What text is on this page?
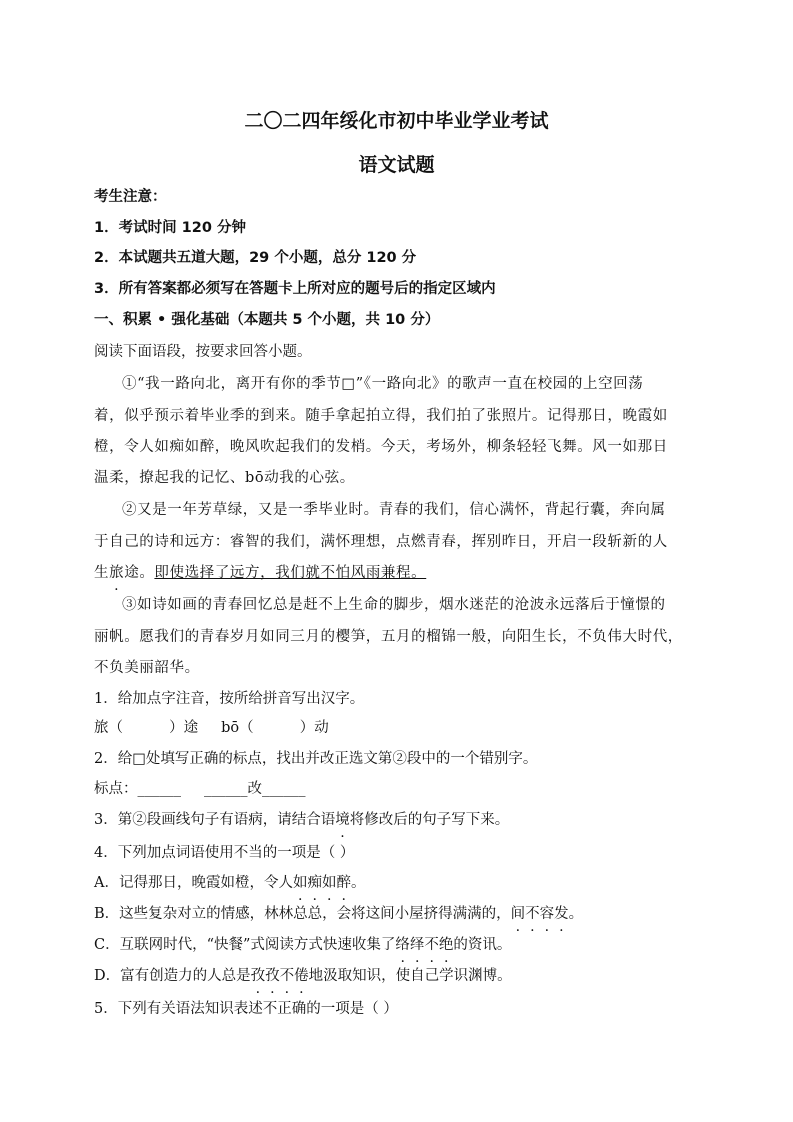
二〇二四年绥化市初中毕业学业考试
语文试题
考生注意：
1．考试时间 120 分钟
2．本试题共五道大题，29 个小题，总分 120 分
3．所有答案都必须写在答题卡上所对应的题号后的指定区域内
一、积累 • 强化基础（本题共 5 个小题，共 10 分）
阅读下面语段，按要求回答小题。
①“我一路向北，离开有你的季节□”《一路向北》的歌声一直在校园的上空回荡
着，似乎预示着毕业季的到来。随手拿起拍立得，我们拍了张照片。记得那日，晚霞如
橙，令人如痴如醉，晚风吹起我们的发梢。今天，考场外，柳条轻轻飞舞。风一如那日
温柔，撩起我的记忆、bō动我的心弦。
②又是一年芳草绿，又是一季毕业时。青春的我们，信心满怀，背起行囊，奔向属
于自己的诗和远方：睿智的我们，满怀理想，点燃青春，挥别昨日，开启一段斩新的人
生旅途。即使选择了远方，我们就不怕风雨兼程。
③如诗如画的青春回忆总是赶不上生命的脚步，烟水迷茫的沧波永远落后于憧憬的
丽帆。愿我们的青春岁月如同三月的樱笋，五月的榴锦一般，向阳生长，不负伟大时代，
不负美丽韶华。
1．给加点字注音，按所给拼音写出汉字。
旅（          ）途     bō（          ）动
2．给□处填写正确的标点，找出并改正选文第②段中的一个错别字。
标点：______     ______改______
3．第②段画线句子有语病，请结合语境将修改后的句子写下来。
4．下列加点词语使用不当的一项是（ ）
A．记得那日，晚霞如橙，令人如痴如醉。
B．这些复杂对立的情感，林林总总，会将这间小屋挤得满满的，间不容发。
C．互联网时代，“快餐”式阅读方式快速收集了络绎不绝的资讯。
D．富有创造力的人总是孜孜不倦地汲取知识，使自己学识渊博。
5．下列有关语法知识表述不正确的一项是（ ）
